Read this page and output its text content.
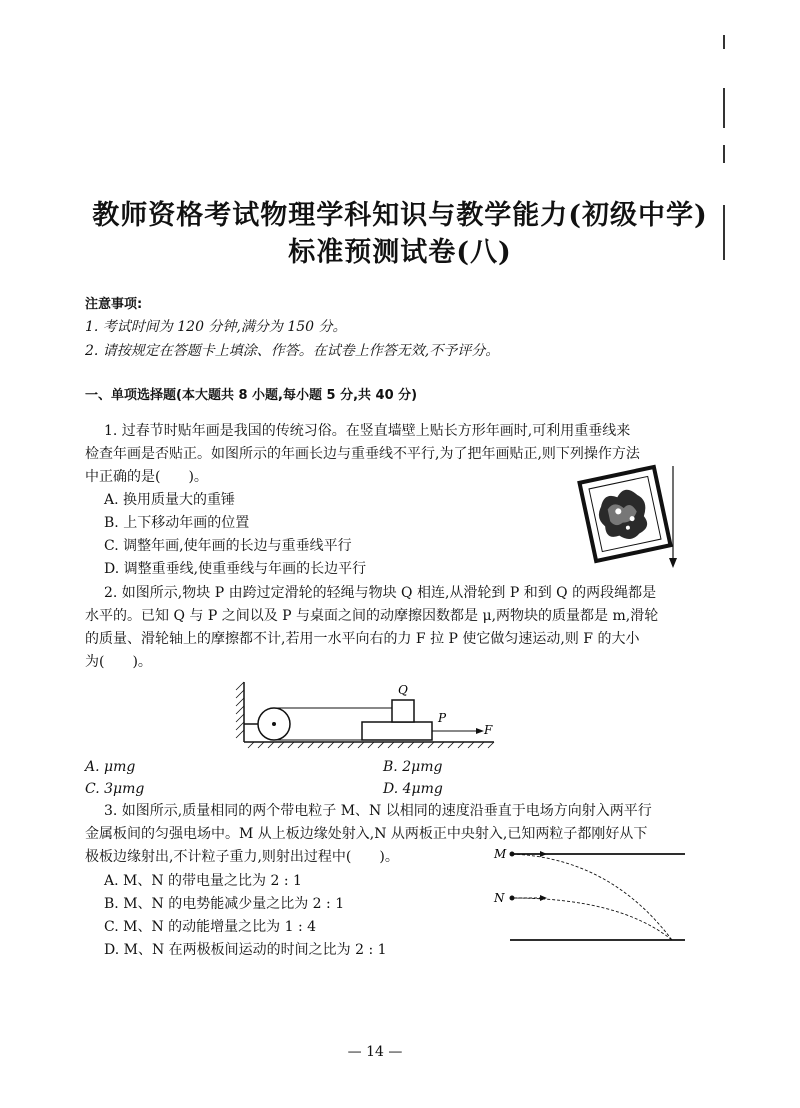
教师资格考试物理学科知识与教学能力(初级中学)
标准预测试卷(八)
注意事项:
1. 考试时间为 120 分钟,满分为 150 分。
2. 请按规定在答题卡上填涂、作答。在试卷上作答无效,不予评分。
一、单项选择题(本大题共 8 小题,每小题 5 分,共 40 分)
1. 过春节时贴年画是我国的传统习俗。在竖直墙壁上贴长方形年画时,可利用重垂线来
检查年画是否贴正。如图所示的年画长边与重垂线不平行,为了把年画贴正,则下列操作方法
中正确的是(　　)。
A. 换用质量大的重锤
B. 上下移动年画的位置
C. 调整年画,使年画的长边与重垂线平行
D. 调整重垂线,使重垂线与年画的长边平行
2. 如图所示,物块 P 由跨过定滑轮的轻绳与物块 Q 相连,从滑轮到 P 和到 Q 的两段绳都是
水平的。已知 Q 与 P 之间以及 P 与桌面之间的动摩擦因数都是 μ,两物块的质量都是 m,滑轮
的质量、滑轮轴上的摩擦都不计,若用一水平向右的力 F 拉 P 使它做匀速运动,则 F 的大小
为(　　)。
Q
P
F
A. μmg	B. 2μmg
C. 3μmg	D. 4μmg
3. 如图所示,质量相同的两个带电粒子 M、N 以相同的速度沿垂直于电场方向射入两平行
金属板间的匀强电场中。M 从上板边缘处射入,N 从两板正中央射入,已知两粒子都刚好从下
极板边缘射出,不计粒子重力,则射出过程中(　　)。
A. M、N 的带电量之比为 2 : 1
B. M、N 的电势能减少量之比为 2 : 1
C. M、N 的动能增量之比为 1 : 4
D. M、N 在两极板间运动的时间之比为 2 : 1
M
N
— 14 —
